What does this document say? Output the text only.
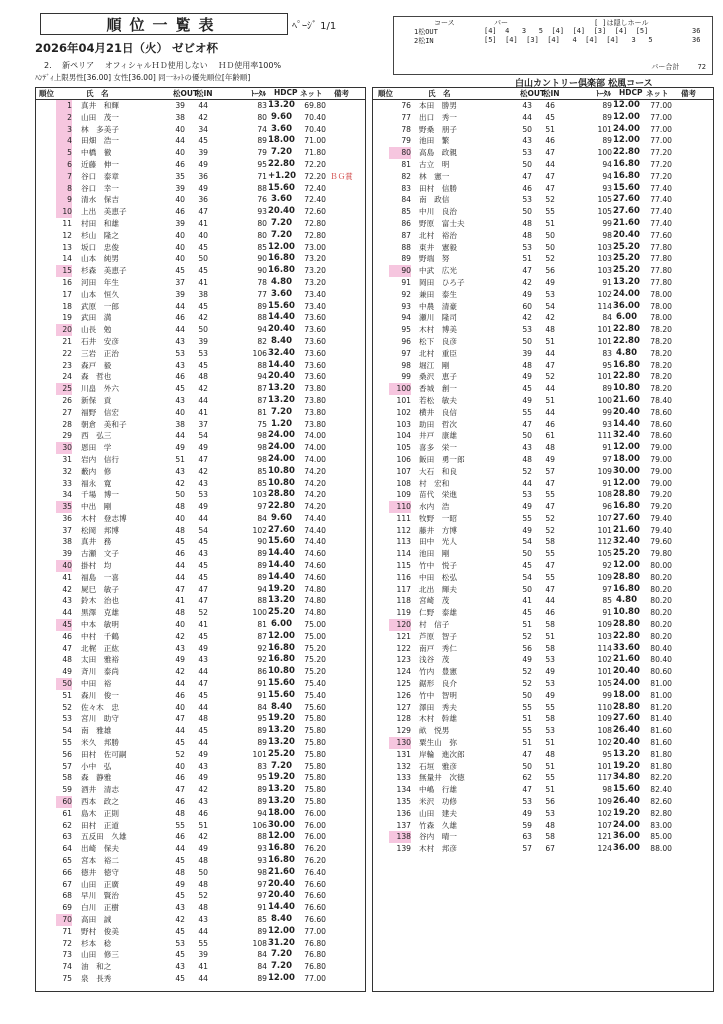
順位一覧表	ﾍﾟｰｼﾞ 1/1
2026年04月21日（火） ゼビオ杯
2. 新ペリア オフィシャルＨＤ使用しない ＨＤ使用率100%
ﾊﾝﾃﾞｨ上限男性[36.00] 女性[36.00] 同一ﾈｯﾄの優先順位[年齢順]
コース	パー	[ ]は隠しホール
1松OUT	[4]  4   3   5  [4]  [4]  [3]  [4]  [5]	36
2松IN	[5]  [4]  [3]  [4]   4  [4]  [4]   3   5	36
パー合計	72
白山カントリー倶楽部 松風コース
順位	氏　名	松OUT
松IN	ﾄｰﾀﾙ HDCP ネット 備考
1 真井　和輝	39	44	83 13.20	69.80
2 山田　茂一	38	42	80 9.60	70.40
3 林　多美子	40	34	74 3.60	70.40
4 田畑　浩一	44	45	89 18.00	71.00
5 中橋　徹	40	39	79 7.20	71.80
6 近藤　伸一	46	49	95 22.80	72.20
7 谷口　泰章	35	36	71 +1.20	72.20 ＢＧ賞
8 谷口　幸一	39	49	88 15.60	72.40
9 清水　保吉	40	36	76 3.60	72.40
10 上出　美恵子	46	47	93 20.40	72.60
11 村田　和雄	39	41	80 7.20	72.80
12 杉山　隆之	40	40	80 7.20	72.80
13 坂口　忠俊	40	45	85 12.00	73.00
14 山本　純男	40	50	90 16.80	73.20
15 杉森　美恵子	45	45	90 16.80	73.20
16 河田　年生	37	41	78 4.80	73.20
17 山本　恒久	39	38	77 3.60	73.40
18 武原　一郎	44	45	89 15.60	73.40
19 武田　満	46	42	88 14.40	73.60
20 山長　勉	44	50	94 20.40	73.60
21 石井　安彦	43	39	82 8.40	73.60
22 三岩　正治	53	53	106 32.40	73.60
23 森戸　毅	43	45	88 14.40	73.60
24 森　哲也	46	48	94 20.40	73.60
25 川畠　外六	45	42	87 13.20	73.80
26 新保　貢	43	44	87 13.20	73.80
27 福野　信宏	40	41	81 7.20	73.80
28 朝倉　美和子	38	37	75 1.20	73.80
29 西　弘三	44	54	98 24.00	74.00
30 恩田　学	49	49	98 24.00	74.00
31 岩内　信行	51	47	98 24.00	74.00
32 藪内　修	43	42	85 10.80	74.20
33 福永　寛	42	43	85 10.80	74.20
34 千場　博一	50	53	103 28.80	74.20
35 中出　剛	48	49	97 22.80	74.20
36 木村　登志博	40	44	84 9.60	74.40
37 松岡　邦博	48	54	102 27.60	74.40
38 真井　務	45	45	90 15.60	74.40
39 古瀬　文子	46	43	89 14.40	74.60
40 掛村　均	44	45	89 14.40	74.60
41 福島　一喜	44	45	89 14.40	74.60
42 屍巳　敏子	47	47	94 19.20	74.80
43 鈴木　治也	41	47	88 13.20	74.80
44 黒澤　克雄	48	52	100 25.20	74.80
45 中本　敏明	40	41	81 6.00	75.00
46 中村　千鶴	42	45	87 12.00	75.00
47 北梶　正紘	43	49	92 16.80	75.20
48 太田　雅裕	49	43	92 16.80	75.20
49 斉川　泰尚	42	44	86 10.80	75.20
50 中田　裕	44	47	91 15.60	75.40
51 森川　俊一	46	45	91 15.60	75.40
52 佐々木　忠	40	44	84 8.40	75.60
53 宮川　助守	47	48	95 19.20	75.80
54 南　雅雄	44	45	89 13.20	75.80
55 米久　邦勝	45	44	89 13.20	75.80
56 田村　佐可嗣	52	49	101 25.20	75.80
57 小中　弘	40	43	83 7.20	75.80
58 森　静雅	46	49	95 19.20	75.80
59 酒井　清志	47	42	89 13.20	75.80
60 西本　政之	46	43	89 13.20	75.80
61 島木　正則	48	46	94 18.00	76.00
62 田村　正道	55	51	106 30.00	76.00
63 五反田　久雄	46	42	88 12.00	76.00
64 出崎　保夫	44	49	93 16.80	76.20
65 宮本　裕二	45	48	93 16.80	76.20
66 徳井　徳守	48	50	98 21.60	76.40
67 山田　正廣	49	48	97 20.40	76.60
68 早川　賢治	45	52	97 20.40	76.60
69 白川　正樹	43	48	91 14.40	76.60
70 高田　誠	42	43	85 8.40	76.60
71 野村　俊美	45	44	89 12.00	77.00
72 杉本　稔	53	55	108 31.20	76.80
73 山田　修三	45	39	84 7.20	76.80
74 油　和之	43	41	84 7.20	76.80
75 泉　長秀	45	44	89 12.00	77.00
順位	氏　名	松OUT
松IN	ﾄｰﾀﾙ HDCP ネット 備考
76 本田　勝男	43	46	89 12.00	77.00
77 出口　秀一	44	45	89 12.00	77.00
78 野桑　朋子	50	51	101 24.00	77.00
79 池田　繁	43	46	89 12.00	77.00
80 高島　政親	53	47	100 22.80	77.20
81 古立　明	50	44	94 16.80	77.20
82 林　憲一	47	47	94 16.80	77.20
83 田村　信勝	46	47	93 15.60	77.40
84 南　政信	53	52	105 27.60	77.40
85 中川　良治	50	55	105 27.60	77.40
86 野原　富士夫	48	51	99 21.60	77.40
87 北村　裕治	48	50	98 20.40	77.60
88 東井　憲毅	53	50	103 25.20	77.80
89 野端　努	51	52	103 25.20	77.80
90 中武　広光	47	56	103 25.20	77.80
91 岡田　ひろ子	42	49	91 13.20	77.80
92 兼田　泰生	49	53	102 24.00	78.00
93 中農　清豪	60	54	114 36.00	78.00
94 瀬川　隆司	42	42	84 6.00	78.00
95 木村　博美	53	48	101 22.80	78.20
96 松下　良彦	50	51	101 22.80	78.20
97 北村　重臣	39	44	83 4.80	78.20
98 堀江　剛	48	47	95 16.80	78.20
99 桑沢　恵子	49	52	101 22.80	78.20
100 香城　創一	45	44	89 10.80	78.20
101 若松　敏夫	49	51	100 21.60	78.40
102 横井　良信	55	44	99 20.40	78.60
103 助田　哲次	47	46	93 14.40	78.60
104 井戸　康雄	50	61	111 32.40	78.60
105 喜多　栄一	43	48	91 12.00	79.00
106 飯田　勇一郎	48	49	97 18.00	79.00
107 大石　和良	52	57	109 30.00	79.00
108 村　宏和	44	47	91 12.00	79.00
109 苗代　栄進	53	55	108 28.80	79.20
110 水内　浩	49	47	96 16.80	79.20
111 牧野　一昭	55	52	107 27.60	79.40
112 藤井　方博	49	52	101 21.60	79.40
113 田中　光人	54	58	112 32.40	79.60
114 池田　剛	50	55	105 25.20	79.80
115 竹中　悦子	45	47	92 12.00	80.00
116 中田　松弘	54	55	109 28.80	80.20
117 北出　輝夫	50	47	97 16.80	80.20
118 宮崎　茂	41	44	85 4.80	80.20
119 仁野　泰雄	45	46	91 10.80	80.20
120 村　信子	51	58	109 28.80	80.20
121 芦原　智子	52	51	103 22.80	80.20
122 南戸　秀仁	56	58	114 33.60	80.40
123 浅谷　茂	49	53	102 21.60	80.40
124 竹内　豊憲	52	49	101 20.40	80.60
125 鋸形　良介	52	53	105 24.00	81.00
126 竹中　智明	50	49	99 18.00	81.00
127 澤田　秀夫	55	55	110 28.80	81.20
128 木村　幹雄	51	58	109 27.60	81.40
129 畝　悦男	55	53	108 26.40	81.60
130 粟生山　弥	51	51	102 20.40	81.60
131 岸輪　進次郎	47	48	95 13.20	81.80
132 石垣　雅彦	50	51	101 19.20	81.80
133 無量井　次徳	62	55	117 34.80	82.20
134 中嶋　行雄	47	51	98 15.60	82.40
135 米沢　功修	53	56	109 26.40	82.60
136 山田　建夫	49	53	102 19.20	82.80
137 竹森　久雄	59	48	107 24.00	83.00
138 谷内　晴一	63	58	121 36.00	85.00
139 木村　邦彦	57	67	124 36.00	88.00
